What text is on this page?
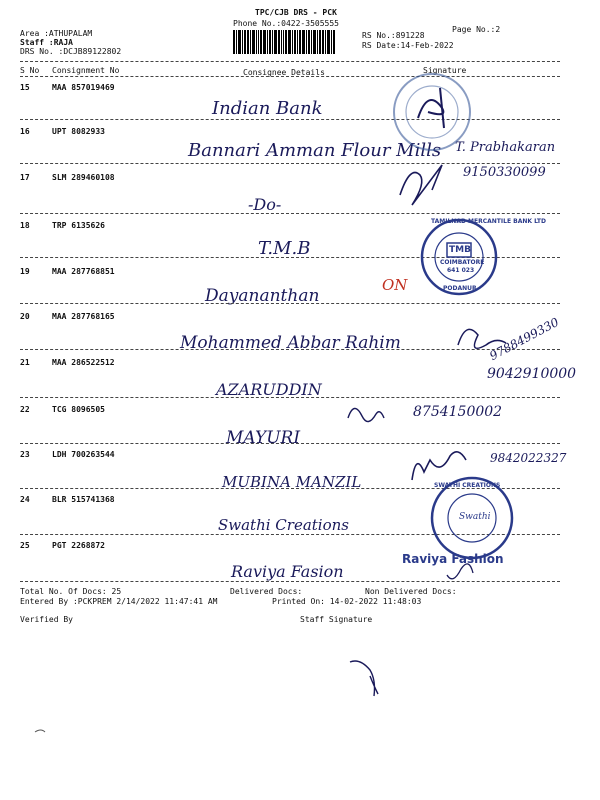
TPC/CJB DRS - PCK
Phone No.:0422-3505555
Area :ATHUPALAM
Staff :RAJA
DRS No. :DCJB89122802
RS No.:891228
RS Date:14-Feb-2022
Page No.:2
S No Consignment No	Consignee Details	Signature
15	MAA 857019469
Indian Bank
16	UPT 8082933
Bannari Amman Flour Mills T. Prabhakaran
17	SLM 289460108
-Do-
9150330099
18	TRP 6135626
T.M.B
19	MAA 287768851
Dayananthan
ON
20	MAA 287768165
Mohammed Abbar Rahim	9788499330
21	MAA 286522512
AZARUDDIN
9042910000
22	TCG 8096505
MAYURI
8754150002
23	LDH 700263544
MUBINA MANZIL
9842022327
24	BLR 515741368
Swathi Creations
25	PGT 2268872
Raviya Fasion
TAMILNAD MERCANTILE BANK LTD
TMB
COIMBATORE
641 023
PODANUR
SWATHI CREATIONS
Swathi
Raviya Fashion
Total No. Of Docs: 25	Delivered Docs:	Non Delivered Docs:
Entered By :PCKPREM 2/14/2022 11:47:41 AM	Printed On: 14-02-2022 11:48:03
Verified By	Staff Signature
